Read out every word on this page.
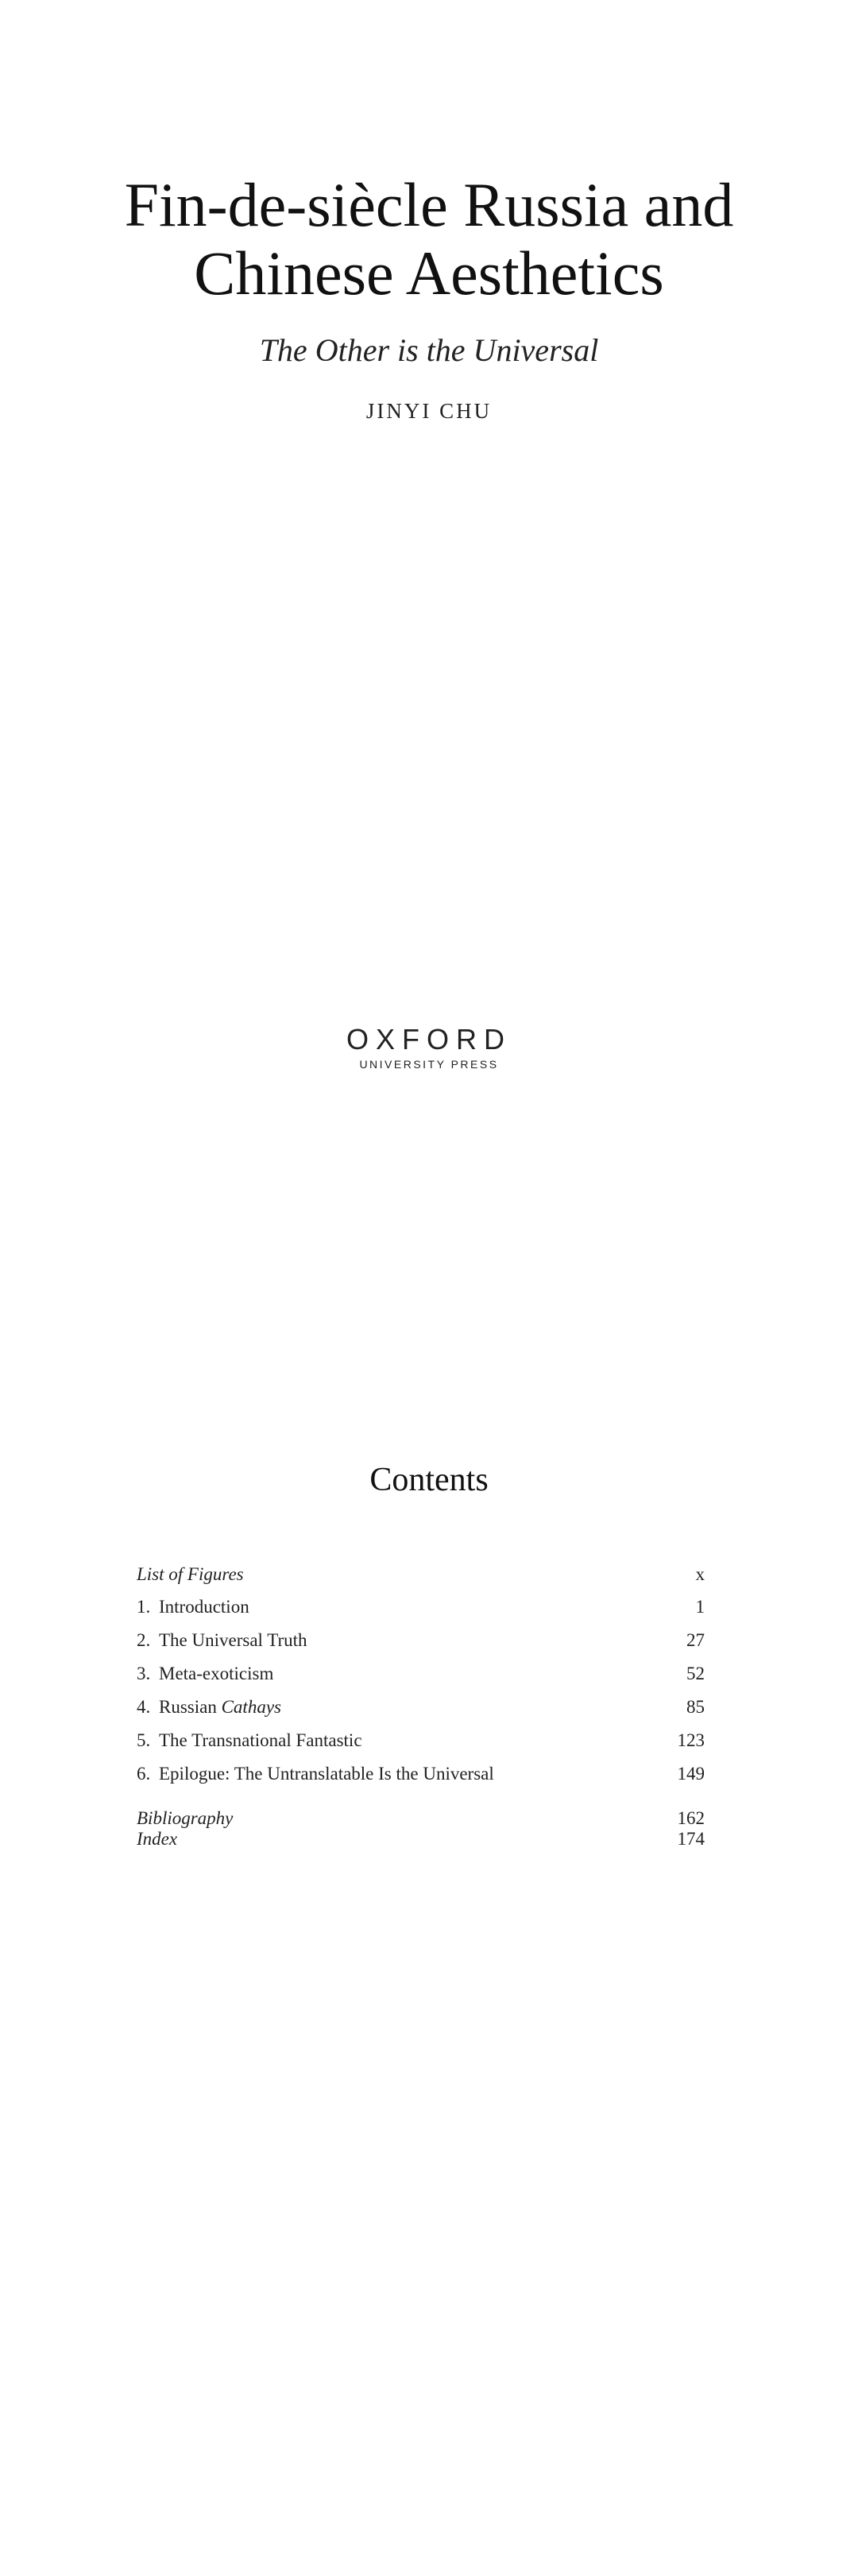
Fin-de-siècle Russia and
Chinese Aesthetics
The Other is the Universal
JINYI CHU
OXFORD
UNIVERSITY PRESS
Contents
List of Figures	x
1. Introduction	1
2. The Universal Truth	27
3. Meta-exoticism	52
4. Russian Cathays	85
5. The Transnational Fantastic	123
6. Epilogue: The Untranslatable Is the Universal	149
Bibliography	162
Index	174
